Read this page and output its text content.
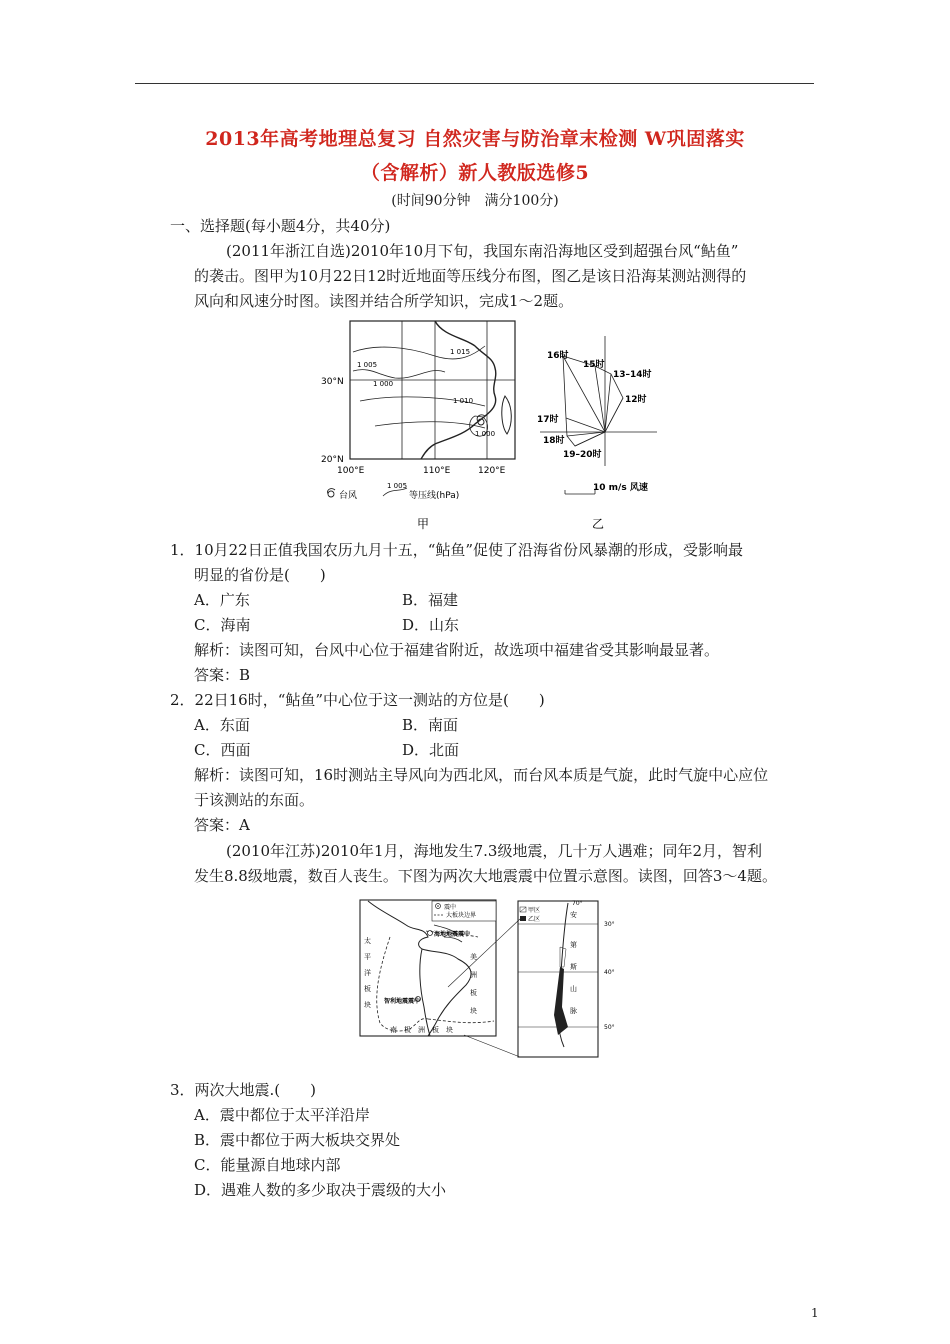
2013年高考地理总复习 自然灾害与防治章末检测 W巩固落实
（含解析）新人教版选修5
(时间90分钟　满分100分)
一、选择题(每小题4分，共40分)
(2011年浙江自选)2010年10月下旬，我国东南沿海地区受到超强台风“鲇鱼”
的袭击。图甲为10月22日12时近地面等压线分布图，图乙是该日沿海某测站测得的
风向和风速分时图。读图并结合所学知识，完成1～2题。
1 015
1 005
1 000
1 010
1 000
30°N
20°N
100°E	110°E	120°E
台风
1 005
等压线(hPa)
甲
16时
15时
13–14时
12时
17时
18时
19–20时
10 m/s 风速
乙
1．10月22日正值我国农历九月十五，“鲇鱼”促使了沿海省份风暴潮的形成，受影响最
明显的省份是(　　)
A．广东	B．福建
C．海南	D．山东
解析：读图可知，台风中心位于福建省附近，故选项中福建省受其影响最显著。
答案：B
2．22日16时，“鲇鱼”中心位于这一测站的方位是(　　)
A．东面	B．南面
C．西面	D．北面
解析：读图可知，16时测站主导风向为西北风，而台风本质是气旋，此时气旋中心应位
于该测站的东面。
答案：A
(2010年江苏)2010年1月，海地发生7.3级地震，几十万人遇难；同年2月，智利
发生8.8级地震，数百人丧生。下图为两次大地震震中位置示意图。读图，回答3～4题。
震中
大板块边界
海地地震震中
智利地震震中
太
平
洋
板
块
美
洲
板
块
南　极　洲　板　块
甲区
乙区
70°
30°
40°
50°
安
第
斯
山
脉
3．两次大地震.(　　)
A．震中都位于太平洋沿岸
B．震中都位于两大板块交界处
C．能量源自地球内部
D．遇难人数的多少取决于震级的大小
1
